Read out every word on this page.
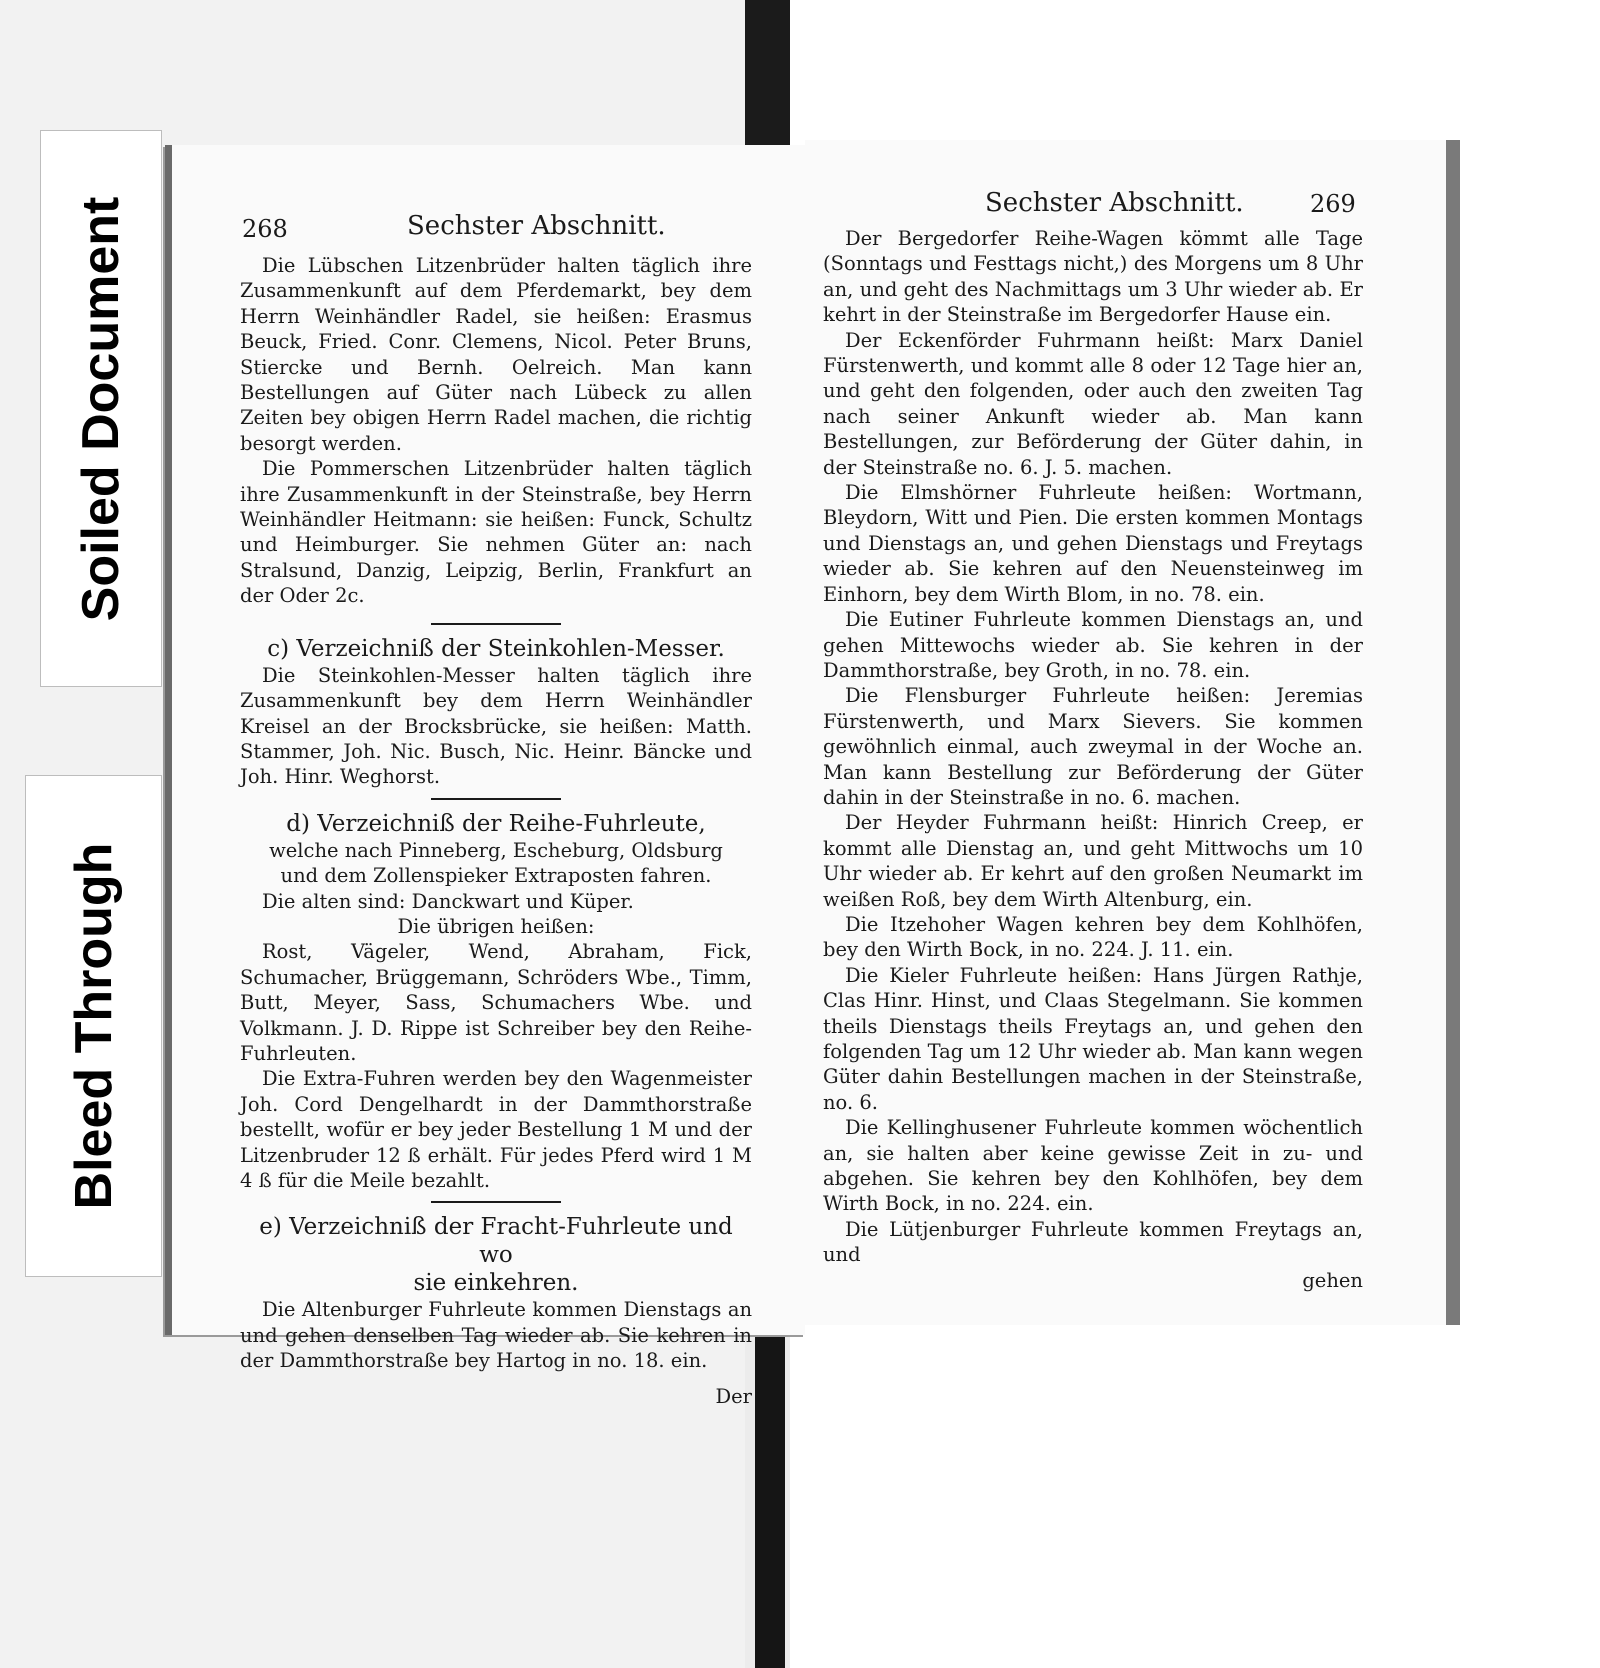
Soiled Document
Bleed Through
268	Sechster Abschnitt.

Die Lübschen Litzenbrüder halten täglich ihre Zusammenkunft auf dem Pferdemarkt, bey dem Herrn Weinhändler Radel, sie heißen: Erasmus Beuck, Fried. Conr. Clemens, Nicol. Peter Bruns, Stiercke und Bernh. Oelreich. Man kann Bestellungen auf Güter nach Lübeck zu allen Zeiten bey obigen Herrn Radel machen, die richtig besorgt werden.

Die Pommerschen Litzenbrüder halten täglich ihre Zusammenkunft in der Steinstraße, bey Herrn Weinhändler Heitmann: sie heißen: Funck, Schultz und Heimburger. Sie nehmen Güter an: nach Stralsund, Danzig, Leipzig, Berlin, Frankfurt an der Oder 2c.

c) Verzeichniß der Steinkohlen-Messer.

Die Steinkohlen-Messer halten täglich ihre Zusammenkunft bey dem Herrn Weinhändler Kreisel an der Brocksbrücke, sie heißen: Matth. Stammer, Joh. Nic. Busch, Nic. Heinr. Bäncke und Joh. Hinr. Weghorst.

d) Verzeichniß der Reihe-Fuhrleute,

welche nach Pinneberg, Escheburg, Oldsburg

und dem Zollenspieker Extraposten fahren.

Die alten sind: Danckwart und Küper.

Die übrigen heißen:

Rost, Vägeler, Wend, Abraham, Fick, Schumacher, Brüggemann, Schröders Wbe., Timm, Butt, Meyer, Sass, Schumachers Wbe. und Volkmann. J. D. Rippe ist Schreiber bey den Reihe-Fuhrleuten.

Die Extra-Fuhren werden bey den Wagenmeister Joh. Cord Dengelhardt in der Dammthorstraße bestellt, wofür er bey jeder Bestellung 1 M und der Litzenbruder 12 ß erhält. Für jedes Pferd wird 1 M 4 ß für die Meile bezahlt.

e) Verzeichniß der Fracht-Fuhrleute und wo

sie einkehren.

Die Altenburger Fuhrleute kommen Dienstags an und gehen denselben Tag wieder ab. Sie kehren in der Dammthorstraße bey Hartog in no. 18. ein.

Der

Sechster Abschnitt.	269

Der Bergedorfer Reihe-Wagen kömmt alle Tage (Sonntags und Festtags nicht,) des Morgens um 8 Uhr an, und geht des Nachmittags um 3 Uhr wieder ab. Er kehrt in der Steinstraße im Bergedorfer Hause ein.

Der Eckenförder Fuhrmann heißt: Marx Daniel Fürstenwerth, und kommt alle 8 oder 12 Tage hier an, und geht den folgenden, oder auch den zweiten Tag nach seiner Ankunft wieder ab. Man kann Bestellungen, zur Beförderung der Güter dahin, in der Steinstraße no. 6. J. 5. machen.

Die Elmshörner Fuhrleute heißen: Wortmann, Bleydorn, Witt und Pien. Die ersten kommen Montags und Dienstags an, und gehen Dienstags und Freytags wieder ab. Sie kehren auf den Neuensteinweg im Einhorn, bey dem Wirth Blom, in no. 78. ein.

Die Eutiner Fuhrleute kommen Dienstags an, und gehen Mittewochs wieder ab. Sie kehren in der Dammthorstraße, bey Groth, in no. 78. ein.

Die Flensburger Fuhrleute heißen: Jeremias Fürstenwerth, und Marx Sievers. Sie kommen gewöhnlich einmal, auch zweymal in der Woche an. Man kann Bestellung zur Beförderung der Güter dahin in der Steinstraße in no. 6. machen.

Der Heyder Fuhrmann heißt: Hinrich Creep, er kommt alle Dienstag an, und geht Mittwochs um 10 Uhr wieder ab. Er kehrt auf den großen Neumarkt im weißen Roß, bey dem Wirth Altenburg, ein.

Die Itzehoher Wagen kehren bey dem Kohlhöfen, bey den Wirth Bock, in no. 224. J. 11. ein.

Die Kieler Fuhrleute heißen: Hans Jürgen Rathje, Clas Hinr. Hinst, und Claas Stegelmann. Sie kommen theils Dienstags theils Freytags an, und gehen den folgenden Tag um 12 Uhr wieder ab. Man kann wegen Güter dahin Bestellungen machen in der Steinstraße, no. 6.

Die Kellinghusener Fuhrleute kommen wöchentlich an, sie halten aber keine gewisse Zeit in zu- und abgehen. Sie kehren bey den Kohlhöfen, bey dem Wirth Bock, in no. 224. ein.

Die Lütjenburger Fuhrleute kommen Freytags an, und

gehen
